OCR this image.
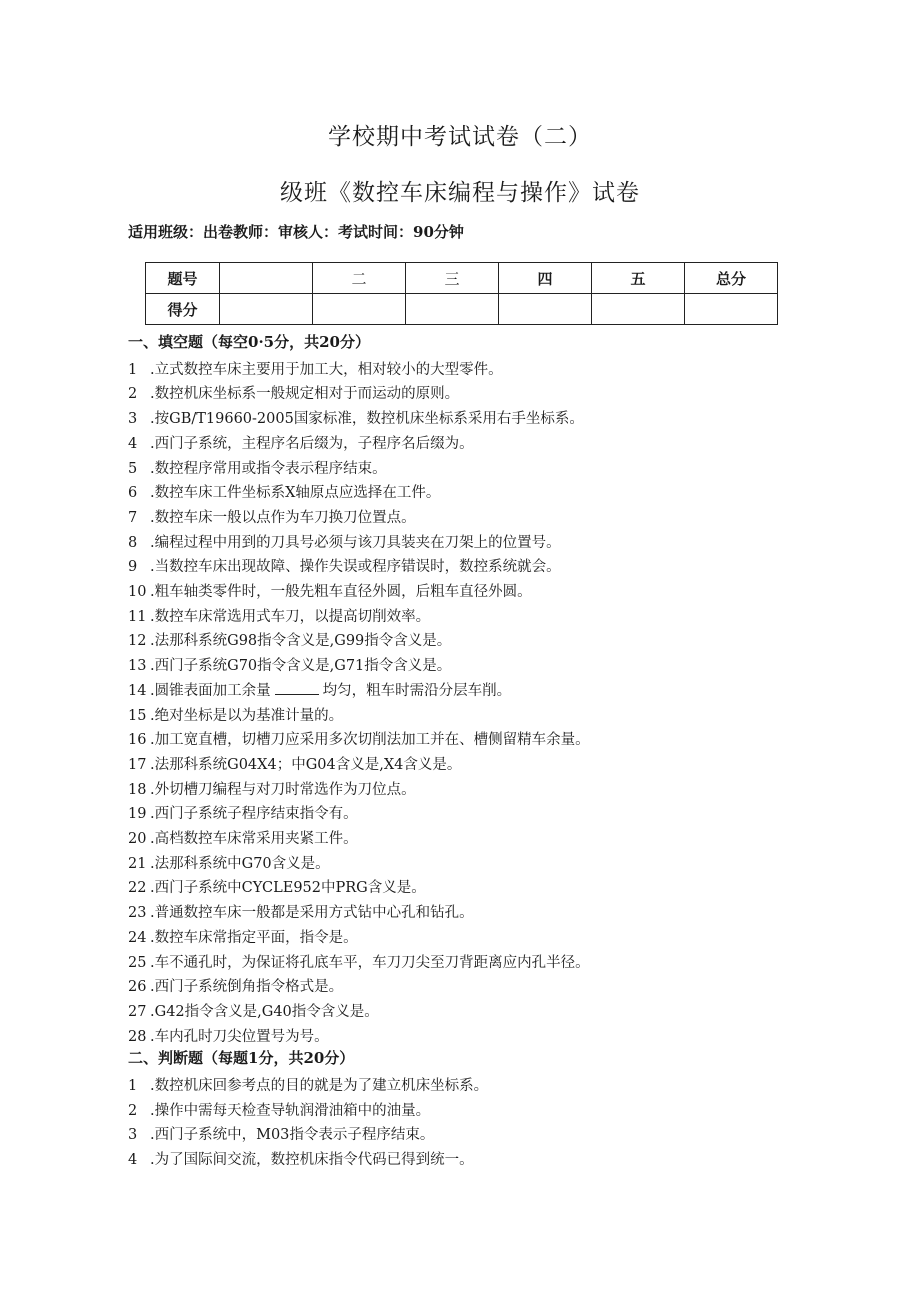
学校期中考试试卷（二）
级班《数控车床编程与操作》试卷
适用班级：出卷教师：审核人：考试时间：90分钟
题号		二	三	四	五	总分
得分						
一、填空题（每空0·5分，共20分）
1 .立式数控车床主要用于加工大，相对较小的大型零件。
2 .数控机床坐标系一般规定相对于而运动的原则。
3 .按GB/T19660-2005国家标准，数控机床坐标系采用右手坐标系。
4 .西门子系统，主程序名后缀为，子程序名后缀为。
5 .数控程序常用或指令表示程序结束。
6 .数控车床工件坐标系X轴原点应选择在工件。
7 .数控车床一般以点作为车刀换刀位置点。
8 .编程过程中用到的刀具号必须与该刀具装夹在刀架上的位置号。
9 .当数控车床出现故障、操作失误或程序错误时，数控系统就会。
10 .粗车轴类零件时，一般先粗车直径外圆，后粗车直径外圆。
11 .数控车床常选用式车刀，以提高切削效率。
12 .法那科系统G98指令含义是,G99指令含义是。
13 .西门子系统G70指令含义是,G71指令含义是。
14 .圆锥表面加工余量	均匀，粗车时需沿分层车削。
15 .绝对坐标是以为基准计量的。
16 .加工宽直槽，切槽刀应采用多次切削法加工并在、槽侧留精车余量。
17 .法那科系统G04X4；中G04含义是,X4含义是。
18 .外切槽刀编程与对刀时常选作为刀位点。
19 .西门子系统子程序结束指令有。
20 .高档数控车床常采用夹紧工件。
21 .法那科系统中G70含义是。
22 .西门子系统中CYCLE952中PRG含义是。
23 .普通数控车床一般都是采用方式钻中心孔和钻孔。
24 .数控车床常指定平面，指令是。
25 .车不通孔时，为保证将孔底车平，车刀刀尖至刀背距离应内孔半径。
26 .西门子系统倒角指令格式是。
27 .G42指令含义是,G40指令含义是。
28 .车内孔时刀尖位置号为号。
二、判断题（每题1分，共20分）
1 .数控机床回参考点的目的就是为了建立机床坐标系。
2 .操作中需每天检查导轨润滑油箱中的油量。
3 .西门子系统中，M03指令表示子程序结束。
4 .为了国际间交流，数控机床指令代码已得到统一。
